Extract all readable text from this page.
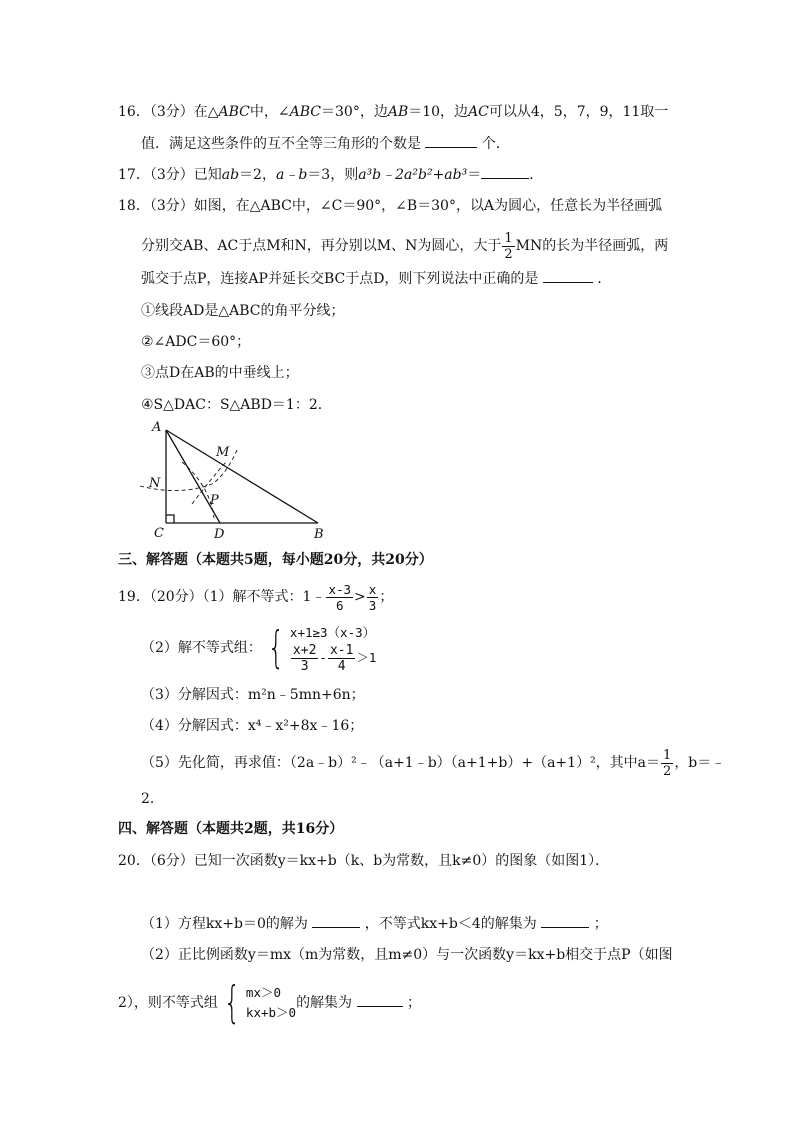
16．（3分）在△ABC中，∠ABC＝30°，边AB＝10，边AC可以从4，5，7，9，11取一
值．满足这些条件的互不全等三角形的个数是	个．
17．（3分）已知ab＝2，a﹣b＝3，则a³b﹣2a²b²+ab³＝	．
18．（3分）如图，在△ABC中，∠C＝90°，∠B＝30°，以A为圆心，任意长为半径画弧
分别交AB、AC于点M和N，再分别以M、N为圆心，大于 $\frac{1}{2}$ MN的长为半径画弧，两
弧交于点P，连接AP并延长交BC于点D，则下列说法中正确的是	．
①线段AD是△ABC的角平分线；
②∠ADC＝60°；
③点D在AB的中垂线上；
④S△DAC：S△ABD＝1：2．
A
M
N
P
C	D	B
三、解答题（本题共5题，每小题20分，共20分）
19．（20分）（1）解不等式：1﹣ $\frac{x-3}{6} > \frac{x}{3}$ ；
（2）解不等式组： { x+1≥3（x-3）
$\frac{x+2}{3} - \frac{x-1}{4} >1$
（3）分解因式：m²n﹣5mn+6n；
（4）分解因式：x⁴﹣x²+8x﹣16；
（5）先化简，再求值：（2a﹣b）²﹣（a+1﹣b）（a+1+b）+（a+1）²，其中$a= \frac{1}{2}$ ，b＝﹣
2．
四、解答题（本题共2题，共16分）
20．（6分）已知一次函数y＝kx+b（k、b为常数，且k≠0）的图象（如图1）．
（1）方程kx+b＝0的解为	，不等式kx+b＜4的解集为	；
（2）正比例函数y＝mx（m为常数，且m≠0）与一次函数y＝kx+b相交于点P（如图
2），则不等式组 { mx＞0
kx+b＞0
的解集为	；
